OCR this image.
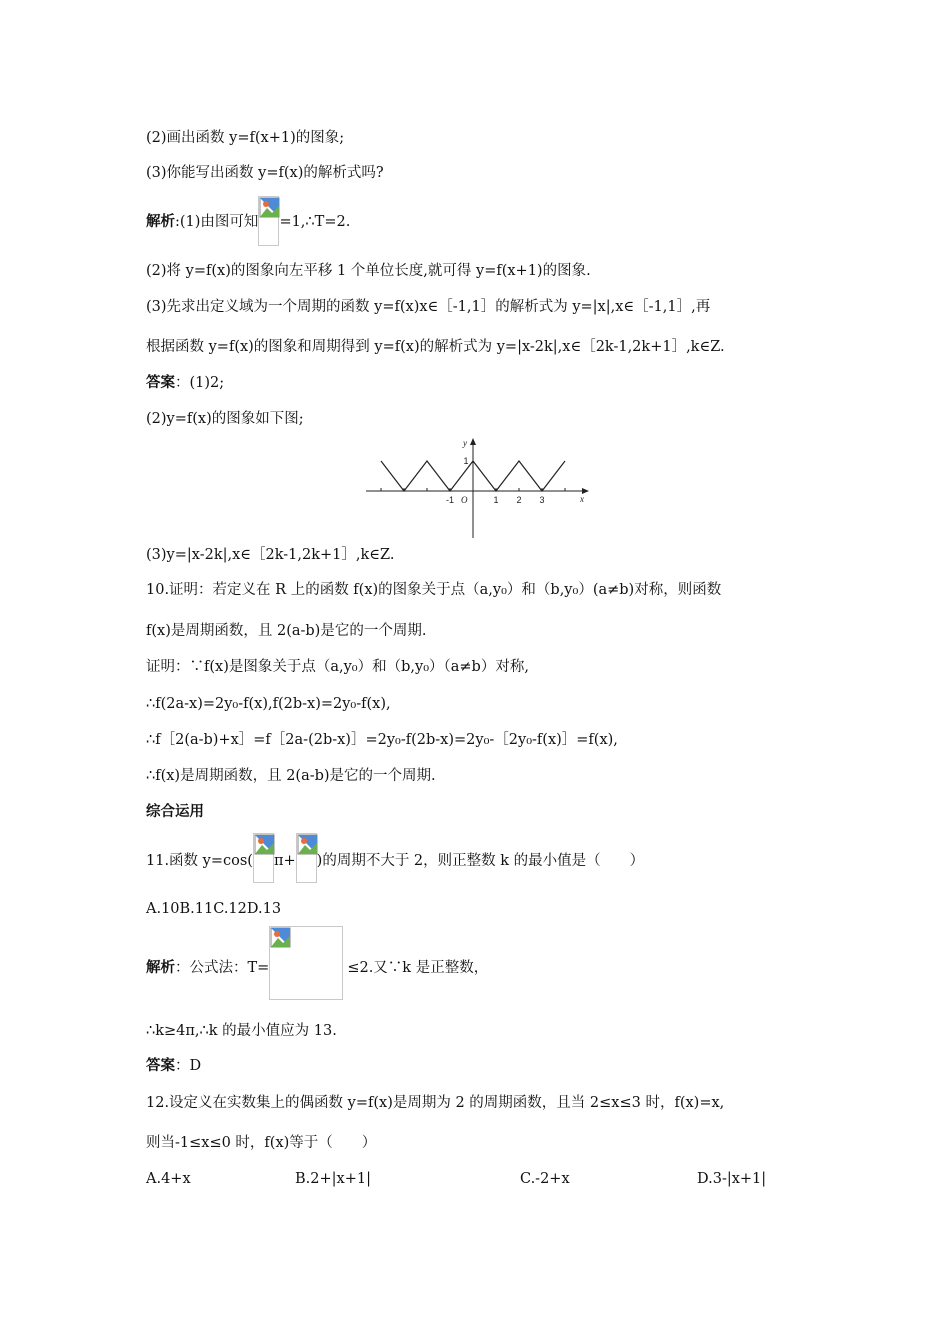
(2)画出函数 y=f(x+1)的图象;
(3)你能写出函数 y=f(x)的解析式吗?
解析:(1)由图可知 =1,∴T=2.
(2)将 y=f(x)的图象向左平移 1 个单位长度,就可得 y=f(x+1)的图象.
(3)先求出定义域为一个周期的函数 y=f(x)x∈［-1,1］的解析式为 y=|x|,x∈［-1,1］,再
根据函数 y=f(x)的图象和周期得到 y=f(x)的解析式为 y=|x-2k|,x∈［2k-1,2k+1］,k∈Z.
答案：(1)2;
(2)y=f(x)的图象如下图;
-1	1 2 3
1
O	x
y
(3)y=|x-2k|,x∈［2k-1,2k+1］,k∈Z.
10.证明：若定义在 R 上的函数 f(x)的图象关于点（a,y₀）和（b,y₀）(a≠b)对称，则函数
f(x)是周期函数，且 2(a-b)是它的一个周期.
证明：∵f(x)是图象关于点（a,y₀）和（b,y₀）（a≠b）对称,
∴f(2a-x)=2y₀-f(x),f(2b-x)=2y₀-f(x),
∴f［2(a-b)+x］=f［2a-(2b-x)］=2y₀-f(2b-x)=2y₀-［2y₀-f(x)］=f(x),
∴f(x)是周期函数，且 2(a-b)是它的一个周期.
综合运用
11.函数 y=cos( π+ )的周期不大于 2，则正整数 k 的最小值是（　　）
A.10B.11C.12D.13
解析：公式法：T=	≤2.又∵k 是正整数，
∴k≥4π,∴k 的最小值应为 13.
答案：D
12.设定义在实数集上的偶函数 y=f(x)是周期为 2 的周期函数，且当 2≤x≤3 时，f(x)=x,
则当-1≤x≤0 时，f(x)等于（　　）
A.4+x	B.2+|x+1|	C.-2+x	D.3-|x+1|
